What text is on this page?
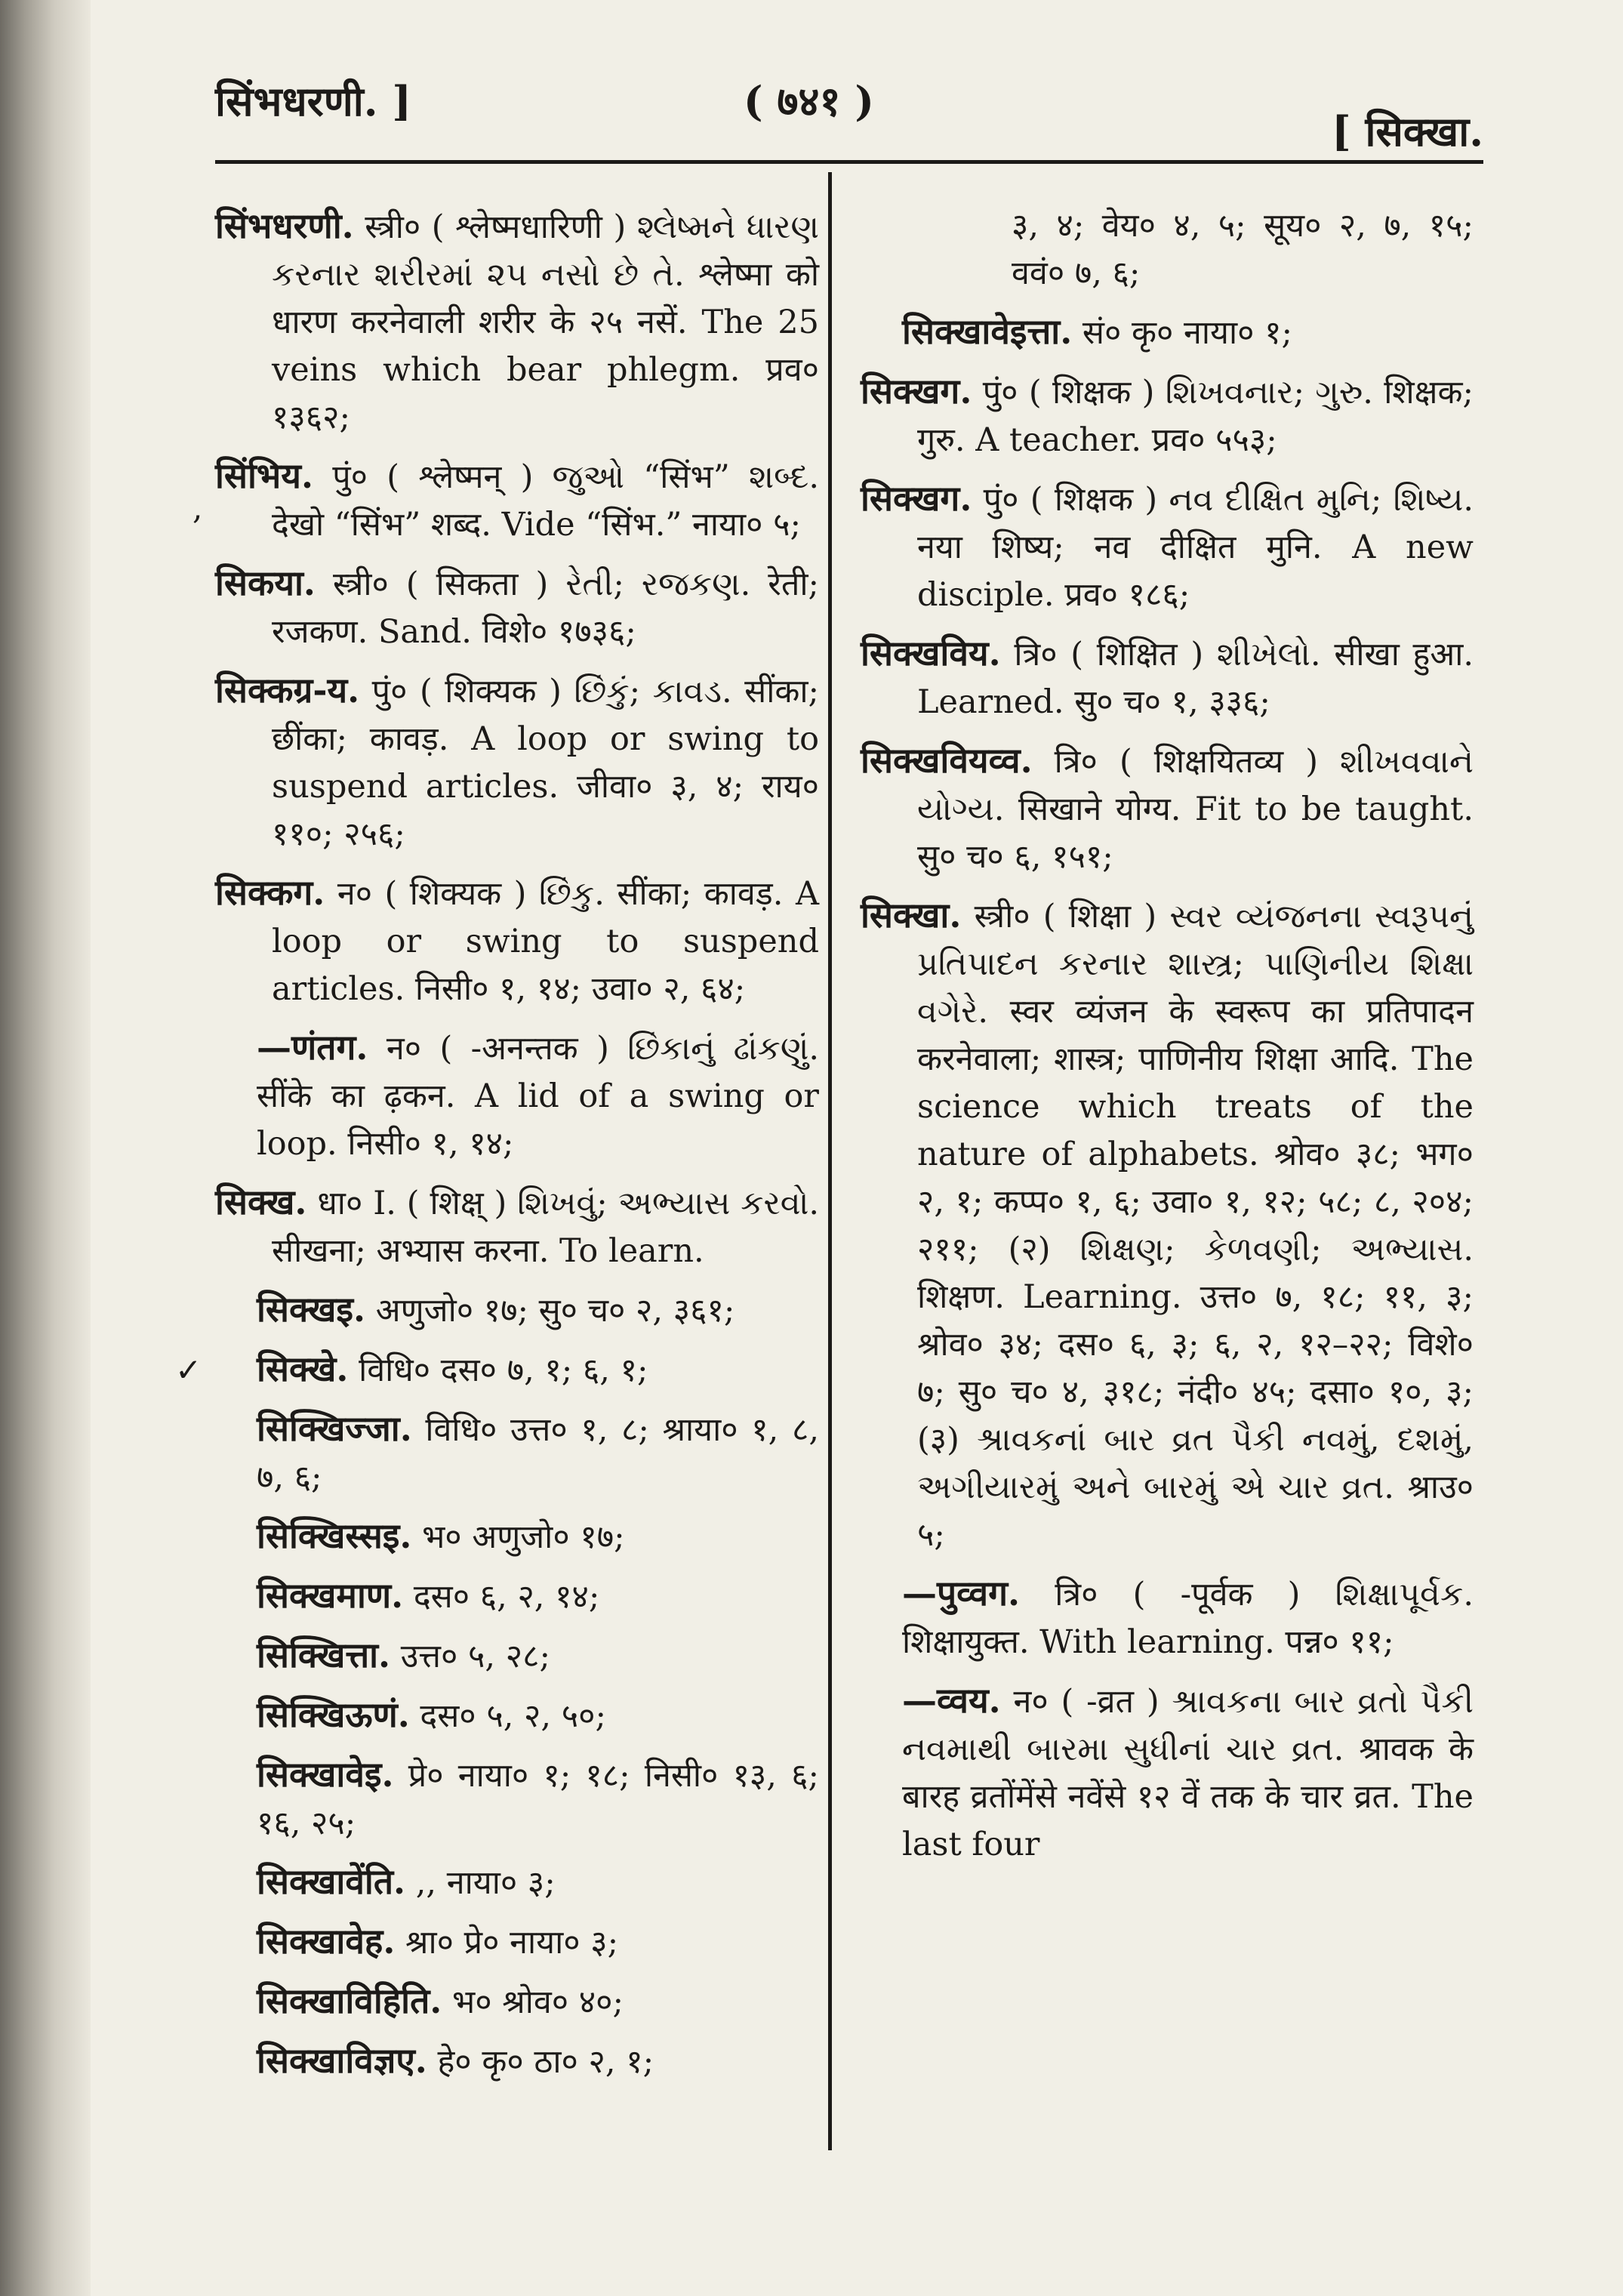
सिंभधरणी. ]	( ७४१ )
[ सिक्खा.
,
✓
सिंभधरणी. स्त्री० ( श्लेष्मधारिणी ) શ્લેષ્મને ધારણ કરનાર શરીરમાં ૨૫ નસો છે તે. श्लेष्मा को धारण करनेवाली शरीर के २५ नसें. The 25 veins which bear phlegm. प्रव० १३६२;
सिंभिय. पुं० ( श्लेष्मन् ) જુઓ “सिंभ” શબ્દ. देखो “सिंभ” शब्द. Vide “सिंभ.” नाया० ५;
सिकया. स्त्री० ( सिकता ) રેતી; રજકણ. रेती; रजकण. Sand. विशे० १७३६;
सिक्कग्र-य. पुं० ( शिक्यक ) છિંકું; કાવડ. सींका; छींका; कावड़. A loop or swing to suspend articles. जीवा० ३, ४; राय० ११०; २५६;
सिक्कग. न० ( शिक्यक ) છિંકુ. सींका; कावड़. A loop or swing to suspend articles. निसी० १, १४; उवा० २, ६४;
—णंतग. न० ( -अनन्तक ) છિંકાનું ઢાંકણું. सींके का ढ़कन. A lid of a swing or loop. निसी० १, १४;
सिक्ख. धा० I. ( शिक्ष् ) શિખવું; અભ્યાસ કરવો. सीखना; अभ्यास करना. To learn.
सिक्खइ. अणुजो० १७; सु० च० २, ३६१;
सिक्खे. विधि० दस० ७, १; ६, १;
सिक्खिज्जा. विधि० उत्त० १, ८; श्राया० १, ८, ७, ६;
सिक्खिस्सइ. भ० अणुजो० १७;
सिक्खमाण. दस० ६, २, १४;
सिक्खित्ता. उत्त० ५, २८;
सिक्खिऊणं. दस० ५, २, ५०;
सिक्खावेइ. प्रे० नाया० १; १८; निसी० १३, ६; १६, २५;
सिक्खावेंति. ,, नाया० ३;
सिक्खावेह. श्रा० प्रे० नाया० ३;
सिक्खाविहिति. भ० श्रोव० ४०;
सिक्खाविज्ञए. हे० कृ० ठा० २, १;
३, ४; वेय० ४, ५; सूय० २, ७, १५; ववं० ७, ६;
सिक्खावेइत्ता. सं० कृ० नाया० १;
सिक्खग. पुं० ( शिक्षक ) શિખવનાર; ગુરુ. शिक्षक; गुरु. A teacher. प्रव० ५५३;
सिक्खग. पुं० ( शिक्षक ) નવ દીક્ષિત મુનિ; શિષ્ય. नया शिष्य; नव दीक्षित मुनि. A new disciple. प्रव० १८६;
सिक्खविय. त्रि० ( शिक्षित ) શીખેલો. सीखा हुआ. Learned. सु० च० १, ३३६;
सिक्खवियव्व. त्रि० ( शिक्षयितव्य ) શીખવવાને યોગ્ય. सिखाने योग्य. Fit to be taught. सु० च० ६, १५१;
सिक्खा. स्त्री० ( शिक्षा ) સ્વર વ્યંજનના સ્વરૂપનું પ્રતિપાદન કરનાર શાસ્ત્ર; પાણિનીય શિક્ષા વગેરે. स्वर व्यंजन के स्वरूप का प्रतिपादन करनेवाला; शास्त्र; पाणिनीय शिक्षा आदि. The science which treats of the nature of alphabets. श्रोव० ३८; भग० २, १; कप्प० १, ६; उवा० १, १२; ५८; ८, २०४; २११; (२) શિક્ષણ; કેળવણી; અભ્યાસ. शिक्षण. Learning. उत्त० ७, १८; ११, ३; श्रोव० ३४; दस० ६, ३; ६, २, १२–२२; विशे० ७; सु० च० ४, ३१८; नंदी० ४५; दसा० १०, ३; (३) શ્રાવકનાં બાર વ્રત પૈકી નવમું, દશમું, અગીયારમું અને બારમું એ ચાર વ્રત. श्राउ० ५;
—पुव्वग. त्रि० ( -पूर्वक ) શિક્ષાપૂર્વક. शिक्षायुक्त. With learning. पन्न० ११;
—व्वय. न० ( -व्रत ) શ્રાવકના બાર વ્રતો પૈકી નવમાથી બારમા સુધીનાં ચાર વ્રત. श्रावक के बारह व्रतोंमेंसे नवेंसे १२ वें तक के चार व्रत. The last four
